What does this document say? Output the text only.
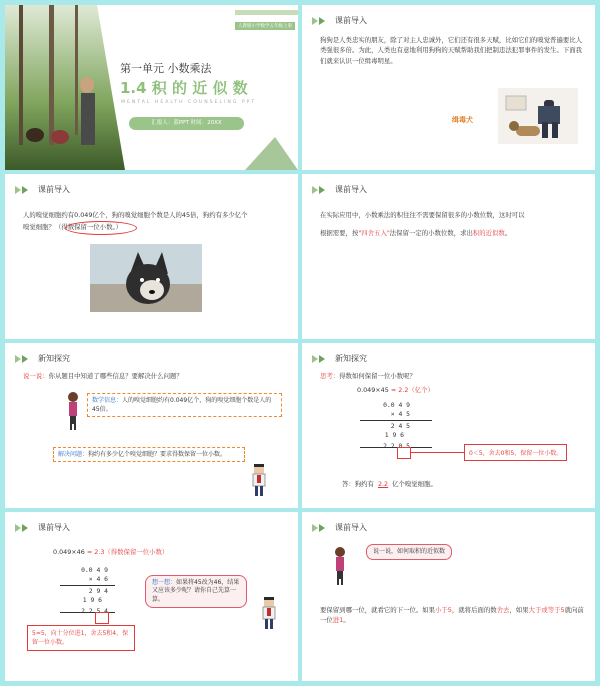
人教版小学数学五年级上册
第一单元 小数乘法
1.4 积 的 近 似 数
MENTAL HEALTH COUNSELING PPT
汇报人：蓝PPT 时间：20XX
课前导入
狗狗是人类忠实的朋友，除了对主人忠诚外，它们还有很多天赋，比如它们的嗅觉普遍要比人类强很多倍。为此，人类也有意地利用狗狗的天赋帮助我们把制违法犯罪事件的发生。下面我们就来认识一位缉毒明星。
缉毒犬
课前导入
人的嗅觉细胞约有0.049亿个，狗的嗅觉细胞个数是人的45倍，狗约有多少亿个
嗅觉细胞？（得数保留一位小数。）
课前导入
在实际应用中，小数乘法的积往往不需要保留很多的小数位数，这时可以
根据需要，按"四舍五入"法保留一定的小数位数，求出积的近似数。
新知探究
说一说：你从题目中知道了哪些信息？要解决什么问题？
数学信息：人的嗅觉细胞约有0.049亿个，狗的嗅觉细胞个数是人的45倍。
解决问题：狗约有多少亿个嗅觉细胞？要求得数保留一位小数。
新知探究
思考：得数如何保留一位小数呢？
0.049×45 ≈ 2.2（亿个）
0.0 4 9
× 4 5
2 4 5
1 9 6
0＜5，舍去0和5，保留一位小数。
答：狗约有 2.2 亿个嗅觉细胞。
课前导入
0.049×46 ≈ 2.3（得数保留一位小数）
0.0 4 9
× 4 6
2 9 4
1 9 6
5=5，向十分位进1，舍去5和4，保留一位小数。
想一想：如果将45改为46，结果又应该多少呢？请你自己先算一算。
课前导入
说一说，如何取积的近似数
要保留到哪一位，就看它的下一位。如果小于5，就将后面的数舍去，如果大于或等于5就向前一位进1。
